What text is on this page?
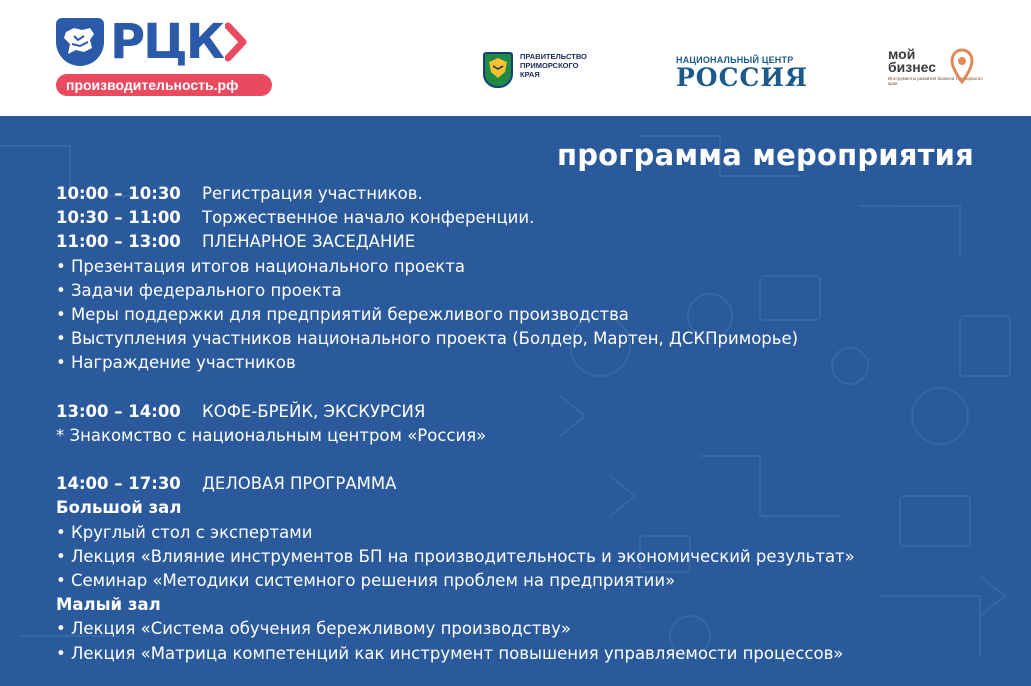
РЦК
производительность.рф
ПРАВИТЕЛЬСТВО
ПРИМОРСКОГО
КРАЯ
НАЦИОНАЛЬНЫЙ ЦЕНТР
РОССИЯ
мой
бизнес
Инструменты развития бизнеса Приморского края
программа мероприятия
10:00 – 10:30 Регистрация участников.
10:30 – 11:00 Торжественное начало конференции.
11:00 – 13:00 ПЛЕНАРНОЕ ЗАСЕДАНИЕ
• Презентация итогов национального проекта
• Задачи федерального проекта
• Меры поддержки для предприятий бережливого производства
• Выступления участников национального проекта (Болдер, Мартен, ДСКПриморье)
• Награждение участников
13:00 – 14:00 КОФЕ-БРЕЙК, ЭКСКУРСИЯ
* Знакомство с национальным центром «Россия»
14:00 – 17:30 ДЕЛОВАЯ ПРОГРАММА
Большой зал
• Круглый стол с экспертами
• Лекция «Влияние инструментов БП на производительность и экономический результат»
• Семинар «Методики системного решения проблем на предприятии»
Малый зал
• Лекция «Система обучения бережливому производству»
• Лекция «Матрица компетенций как инструмент повышения управляемости процессов»
